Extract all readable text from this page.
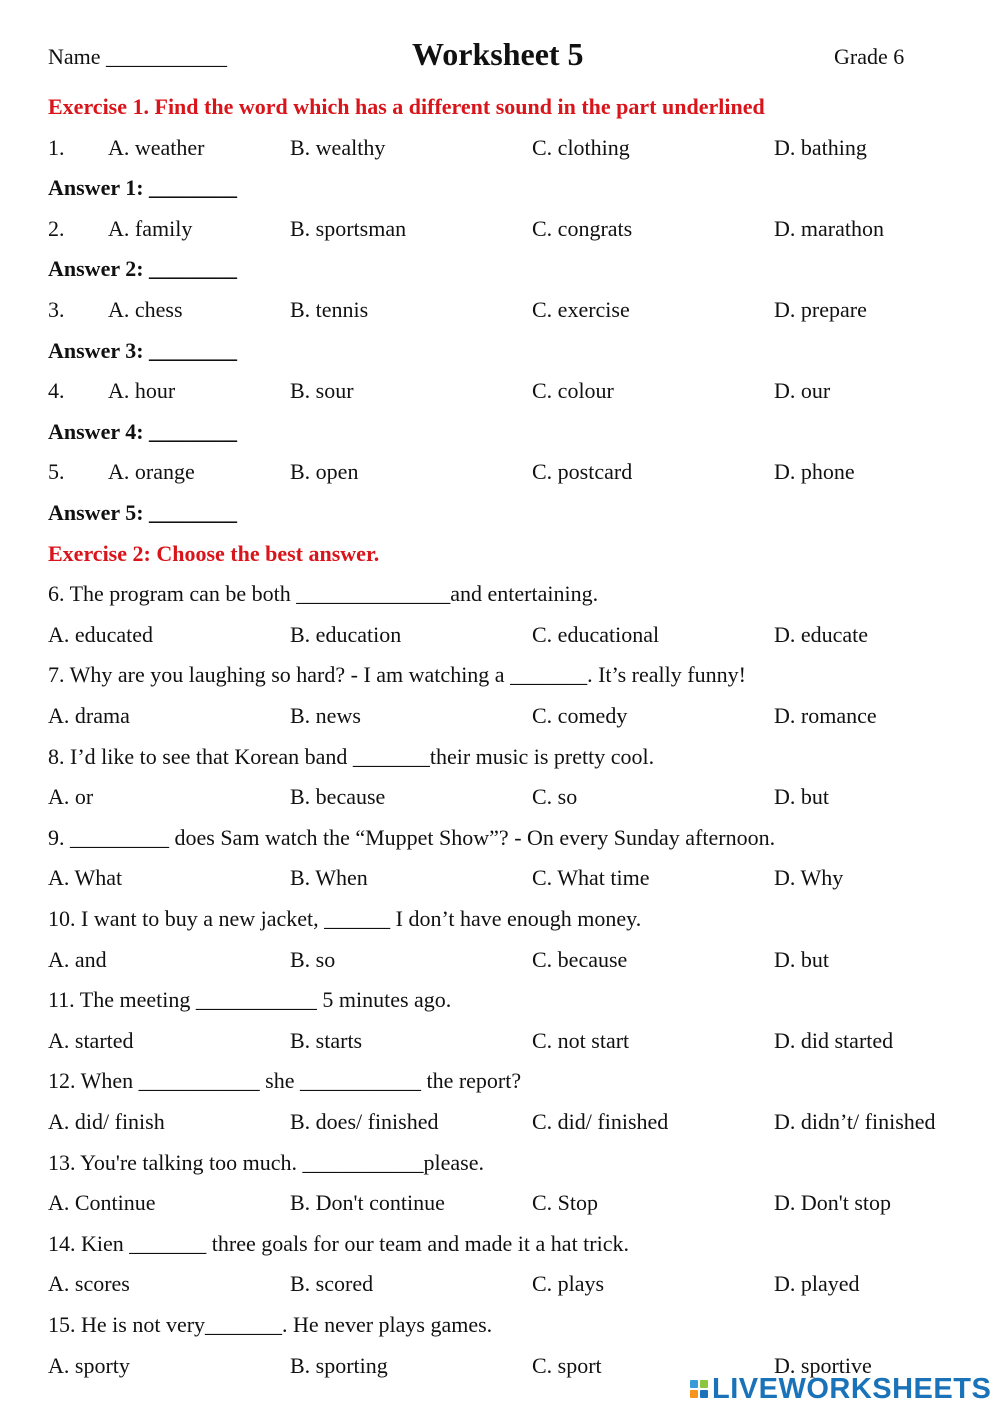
Name ___________	Worksheet 5	Grade 6
Exercise 1. Find the word which has a different sound in the part underlined
1. A. weather	B. wealthy	C. clothing	D. bathing
Answer 1: ________
2. A. family	B. sportsman	C. congrats	D. marathon
Answer 2: ________
3. A. chess	B. tennis	C. exercise	D. prepare
Answer 3: ________
4. A. hour	B. sour	C. colour	D. our
Answer 4: ________
5. A. orange	B. open	C. postcard	D. phone
Answer 5: ________
Exercise 2: Choose the best answer.
6. The program can be both ______________and entertaining.
A. educated	B. education	C. educational	D. educate
7. Why are you laughing so hard? - I am watching a _______. It’s really funny!
A. drama	B. news	C. comedy	D. romance
8. I’d like to see that Korean band _______their music is pretty cool.
A. or	B. because	C. so	D. but
9. _________ does Sam watch the “Muppet Show”? - On every Sunday afternoon.
A. What	B. When	C. What time	D. Why
10. I want to buy a new jacket, ______ I don’t have enough money.
A. and	B. so	C. because	D. but
11. The meeting ___________ 5 minutes ago.
A. started	B. starts	C. not start	D. did started
12. When ___________ she ___________ the report?
A. did/ finish	B. does/ finished	C. did/ finished	D. didn’t/ finished
13. You're talking too much. ___________please.
A. Continue	B. Don't continue	C. Stop	D. Don't stop
14. Kien _______ three goals for our team and made it a hat trick.
A. scores	B. scored	C. plays	D. played
15. He is not very_______. He never plays games.
A. sporty	B. sporting	C. sport	D. sportive
LIVEWORKSHEETS
